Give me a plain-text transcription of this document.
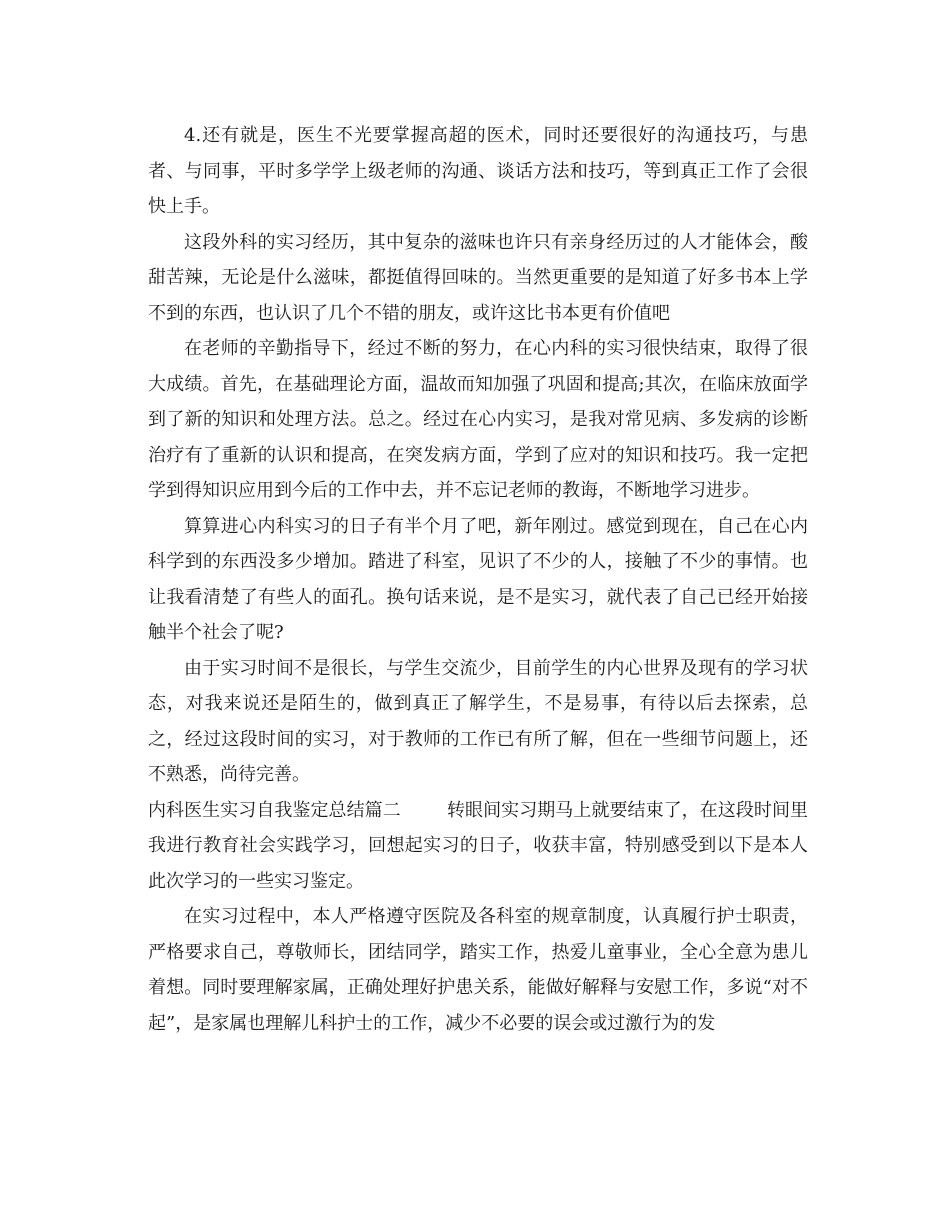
4.还有就是，医生不光要掌握高超的医术，同时还要很好的沟通技巧，与患者、与同事，平时多学学上级老师的沟通、谈话方法和技巧，等到真正工作了会很快上手。

这段外科的实习经历，其中复杂的滋味也许只有亲身经历过的人才能体会，酸甜苦辣，无论是什么滋味，都挺值得回味的。当然更重要的是知道了好多书本上学不到的东西，也认识了几个不错的朋友，或许这比书本更有价值吧

在老师的辛勤指导下，经过不断的努力，在心内科的实习很快结束，取得了很大成绩。首先，在基础理论方面，温故而知加强了巩固和提高;其次，在临床放面学到了新的知识和处理方法。总之。经过在心内实习，是我对常见病、多发病的诊断治疗有了重新的认识和提高，在突发病方面，学到了应对的知识和技巧。我一定把学到得知识应用到今后的工作中去，并不忘记老师的教诲，不断地学习进步。

算算进心内科实习的日子有半个月了吧，新年刚过。感觉到现在，自己在心内科学到的东西没多少增加。踏进了科室，见识了不少的人，接触了不少的事情。也让我看清楚了有些人的面孔。换句话来说，是不是实习，就代表了自己已经开始接触半个社会了呢?

由于实习时间不是很长，与学生交流少，目前学生的内心世界及现有的学习状态，对我来说还是陌生的，做到真正了解学生，不是易事，有待以后去探索，总之，经过这段时间的实习，对于教师的工作已有所了解，但在一些细节问题上，还不熟悉，尚待完善。

内科医生实习自我鉴定总结篇二	转眼间实习期马上就要结束了，在这段时间里我进行教育社会实践学习，回想起实习的日子，收获丰富，特别感受到以下是本人此次学习的一些实习鉴定。

在实习过程中，本人严格遵守医院及各科室的规章制度，认真履行护士职责，严格要求自己，尊敬师长，团结同学，踏实工作，热爱儿童事业，全心全意为患儿着想。同时要理解家属，正确处理好护患关系，能做好解释与安慰工作，多说“对不起”，是家属也理解儿科护士的工作，减少不必要的误会或过激行为的发
